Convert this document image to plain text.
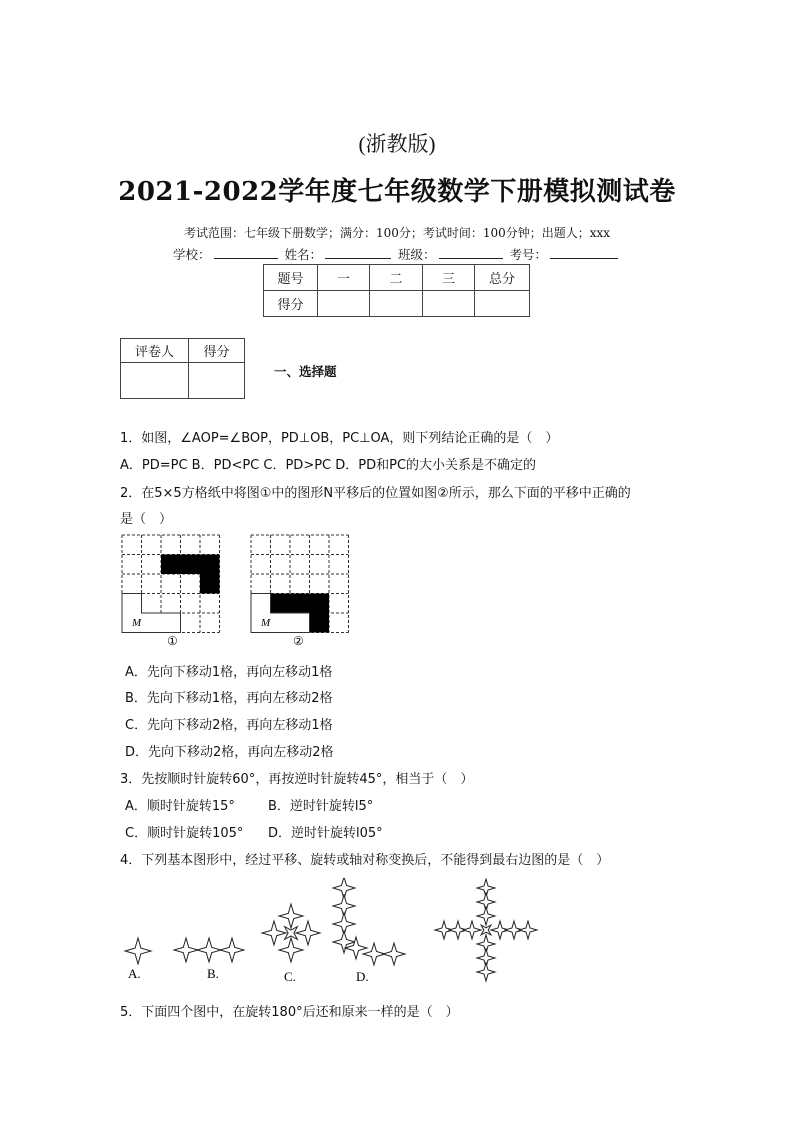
(浙教版)
2021-2022学年度七年级数学下册模拟测试卷
考试范围：七年级下册数学；满分：100分；考试时间：100分钟；出题人；xxx
学校：	姓名：	班级：	考号：
题号	一	二	三	总分
得分				
评卷人	得分

一、选择题
1．如图，∠AOP=∠BOP，PD⊥OB，PC⊥OA，则下列结论正确的是（　）
A．PD=PC B．PD<PC C．PD>PC D．PD和PC的大小关系是不确定的
2．在5×5方格纸中将图①中的图形N平移后的位置如图②所示，那么下面的平移中正确的
是（　）
M	M
①	②
A．先向下移动1格，再向左移动1格
B．先向下移动1格，再向左移动2格
C．先向下移动2格，再向左移动1格
D．先向下移动2格，再向左移动2格
3．先按顺时针旋转60°，再按逆时针旋转45°，相当于（　）
A．顺时针旋转15°	B．逆时针旋转l5°
C．顺时针旋转105° D．逆时针旋转l05°
4．下列基本图形中，经过平移、旋转或轴对称变换后，不能得到最右边图的是（　）
A.	B.	C.	D.
5．下面四个图中，在旋转180°后还和原来一样的是（　）
